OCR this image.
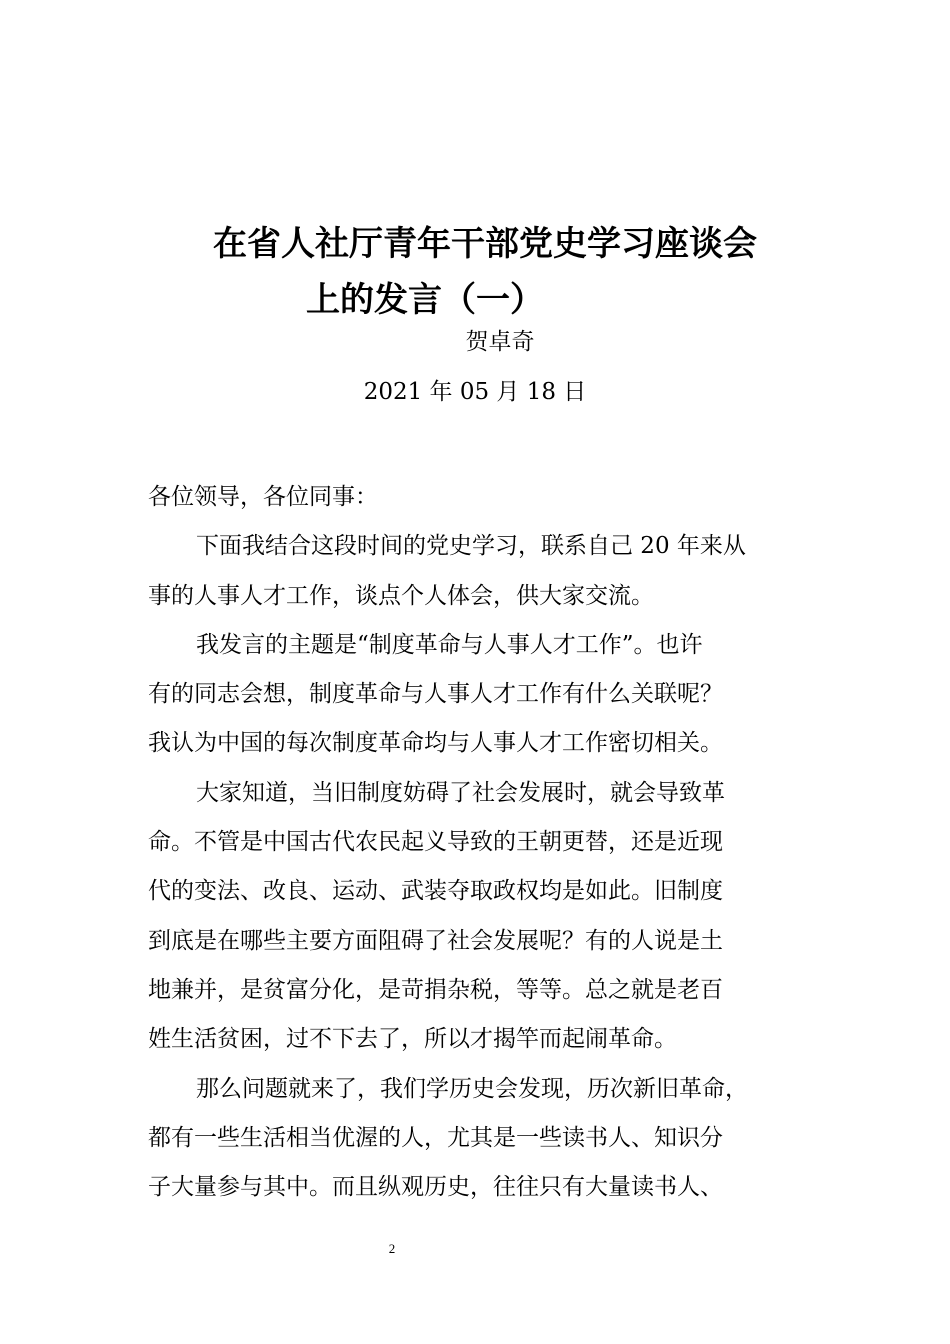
在省人社厅青年干部党史学习座谈会
上的发言（一）
贺卓奇
2021 年 05 月 18 日
各位领导，各位同事：
下面我结合这段时间的党史学习，联系自己 20 年来从
事的人事人才工作，谈点个人体会，供大家交流。
我发言的主题是“制度革命与人事人才工作”。也许
有的同志会想，制度革命与人事人才工作有什么关联呢？
我认为中国的每次制度革命均与人事人才工作密切相关。
大家知道，当旧制度妨碍了社会发展时，就会导致革
命。不管是中国古代农民起义导致的王朝更替，还是近现
代的变法、改良、运动、武装夺取政权均是如此。旧制度
到底是在哪些主要方面阻碍了社会发展呢？有的人说是土
地兼并，是贫富分化，是苛捐杂税，等等。总之就是老百
姓生活贫困，过不下去了，所以才揭竿而起闹革命。
那么问题就来了，我们学历史会发现，历次新旧革命，
都有一些生活相当优渥的人，尤其是一些读书人、知识分
子大量参与其中。而且纵观历史，往往只有大量读书人、
2
